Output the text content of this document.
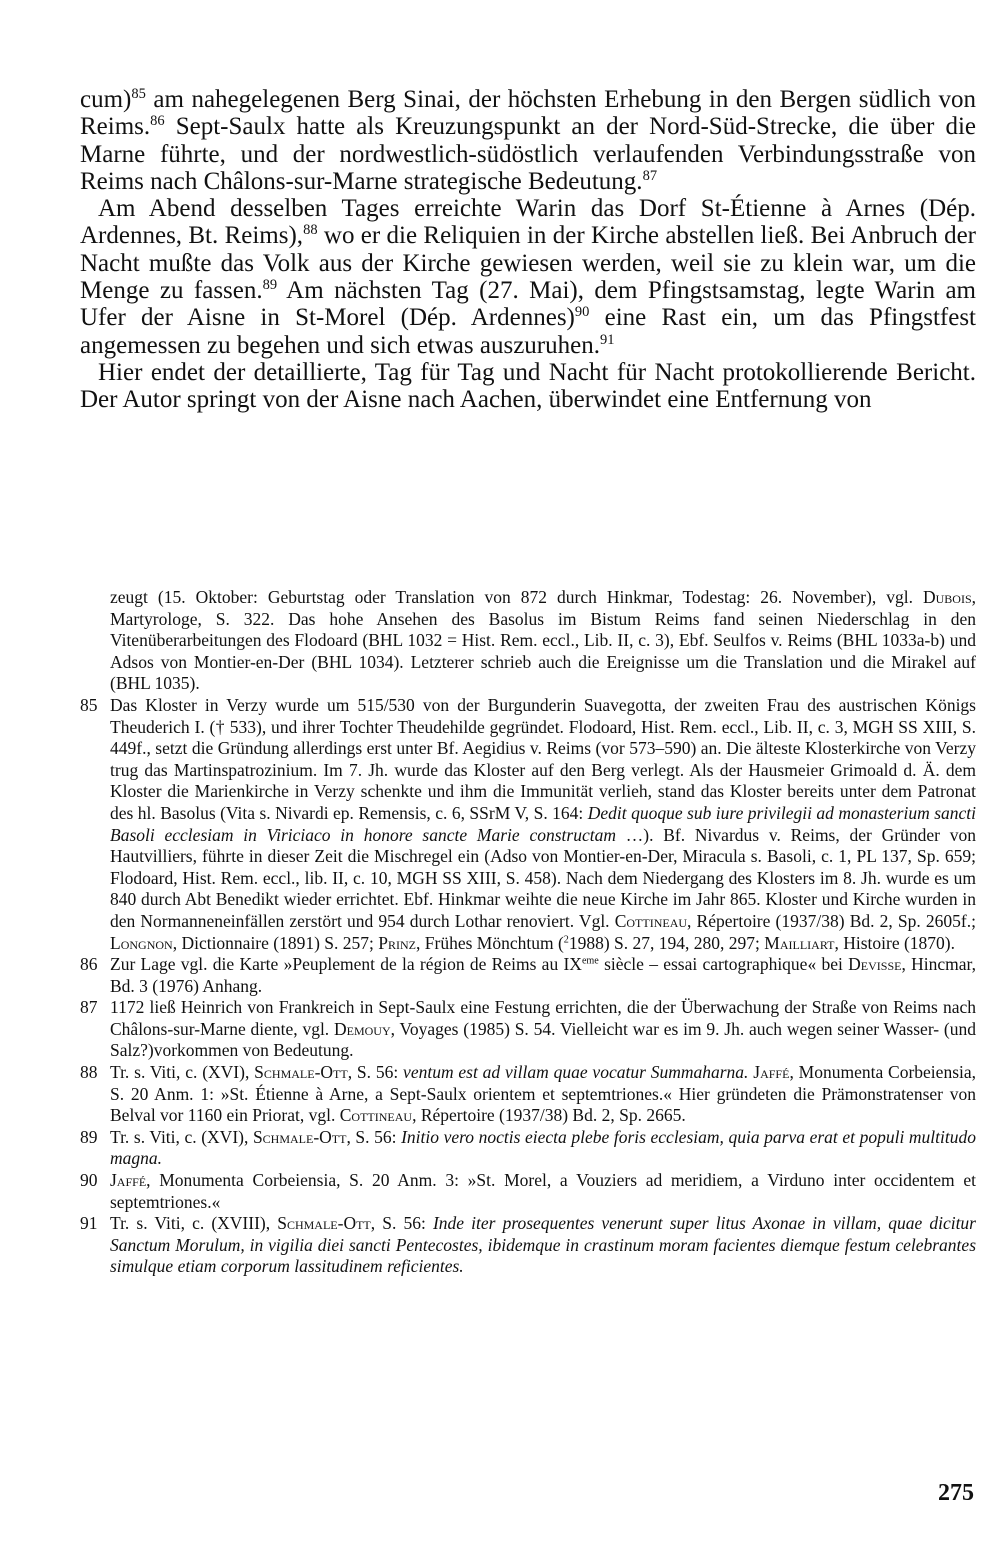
cum)$^{85}$ am nahegelegenen Berg Sinai, der höchsten Erhebung in den Bergen südlich von Reims.$^{86}$ Sept-Saulx hatte als Kreuzungspunkt an der Nord-Süd-Strecke, die über die Marne führte, und der nordwestlich-südöstlich verlaufenden Verbindungsstraße von Reims nach Châlons-sur-Marne strategische Bedeutung.$^{87}$

Am Abend desselben Tages erreichte Warin das Dorf St-Étienne à Arnes (Dép. Ardennes, Bt. Reims),$^{88}$ wo er die Reliquien in der Kirche abstellen ließ. Bei Anbruch der Nacht mußte das Volk aus der Kirche gewiesen werden, weil sie zu klein war, um die Menge zu fassen.$^{89}$ Am nächsten Tag (27. Mai), dem Pfingstsamstag, legte Warin am Ufer der Aisne in St-Morel (Dép. Ardennes)$^{90}$ eine Rast ein, um das Pfingstfest angemessen zu begehen und sich etwas auszuruhen.$^{91}$

Hier endet der detaillierte, Tag für Tag und Nacht für Nacht protokollierende Bericht. Der Autor springt von der Aisne nach Aachen, überwindet eine Entfernung von

zeugt (15. Oktober: Geburtstag oder Translation von 872 durch Hinkmar, Todestag: 26. November), vgl. Dubois, Martyrologe, S. 322. Das hohe Ansehen des Basolus im Bistum Reims fand seinen Niederschlag in den Vitenüberarbeitungen des Flodoard (BHL 1032 = Hist. Rem. eccl., Lib. II, c. 3), Ebf. Seulfos v. Reims (BHL 1033a-b) und Adsos von Montier-en-Der (BHL 1034). Letzterer schrieb auch die Ereignisse um die Translation und die Mirakel auf (BHL 1035).

85 Das Kloster in Verzy wurde um 515/530 von der Burgunderin Suavegotta, der zweiten Frau des austrischen Königs Theuderich I. († 533), und ihrer Tochter Theudehilde gegründet. Flodoard, Hist. Rem. eccl., Lib. II, c. 3, MGH SS XIII, S. 449f., setzt die Gründung allerdings erst unter Bf. Aegidius v. Reims (vor 573–590) an. Die älteste Klosterkirche von Verzy trug das Martinspatrozinium. Im 7. Jh. wurde das Kloster auf den Berg verlegt. Als der Hausmeier Grimoald d. Ä. dem Kloster die Marienkirche in Verzy schenkte und ihm die Immunität verlieh, stand das Kloster bereits unter dem Patronat des hl. Basolus (Vita s. Nivardi ep. Remensis, c. 6, SSrM V, S. 164: Dedit quoque sub iure privilegii ad monasterium sancti Basoli ecclesiam in Viriciaco in honore sancte Marie constructam …). Bf. Nivardus v. Reims, der Gründer von Hautvilliers, führte in dieser Zeit die Mischregel ein (Adso von Montier-en-Der, Miracula s. Basoli, c. 1, PL 137, Sp. 659; Flodoard, Hist. Rem. eccl., lib. II, c. 10, MGH SS XIII, S. 458). Nach dem Niedergang des Klosters im 8. Jh. wurde es um 840 durch Abt Benedikt wieder errichtet. Ebf. Hinkmar weihte die neue Kirche im Jahr 865. Kloster und Kirche wurden in den Normanneneinfällen zerstört und 954 durch Lothar renoviert. Vgl. Cottineau, Répertoire (1937/38) Bd. 2, Sp. 2605f.; Longnon, Dictionnaire (1891) S. 257; Prinz, Frühes Mönchtum ($^2$1988) S. 27, 194, 280, 297; Mailliart, Histoire (1870).
86 Zur Lage vgl. die Karte »Peuplement de la région de Reims au IXeme siècle – essai cartographique« bei Devisse, Hincmar, Bd. 3 (1976) Anhang.
87 1172 ließ Heinrich von Frankreich in Sept-Saulx eine Festung errichten, die der Überwachung der Straße von Reims nach Châlons-sur-Marne diente, vgl. Demouy, Voyages (1985) S. 54. Vielleicht war es im 9. Jh. auch wegen seiner Wasser- (und Salz?)vorkommen von Bedeutung.
88 Tr. s. Viti, c. (XVI), Schmale-Ott, S. 56: ventum est ad villam quae vocatur Summaharna. Jaffé, Monumenta Corbeiensia, S. 20 Anm. 1: »St. Étienne à Arne, a Sept-Saulx orientem et septemtriones.« Hier gründeten die Prämonstratenser von Belval vor 1160 ein Priorat, vgl. Cottineau, Répertoire (1937/38) Bd. 2, Sp. 2665.
89 Tr. s. Viti, c. (XVI), Schmale-Ott, S. 56: Initio vero noctis eiecta plebe foris ecclesiam, quia parva erat et populi multitudo magna.
90 Jaffé, Monumenta Corbeiensia, S. 20 Anm. 3: »St. Morel, a Vouziers ad meridiem, a Virduno inter occidentem et septemtriones.«
91 Tr. s. Viti, c. (XVIII), Schmale-Ott, S. 56: Inde iter prosequentes venerunt super litus Axonae in villam, quae dicitur Sanctum Morulum, in vigilia diei sancti Pentecostes, ibidemque in crastinum moram facientes diemque festum celebrantes simulque etiam corporum lassitudinem reficientes.
275
